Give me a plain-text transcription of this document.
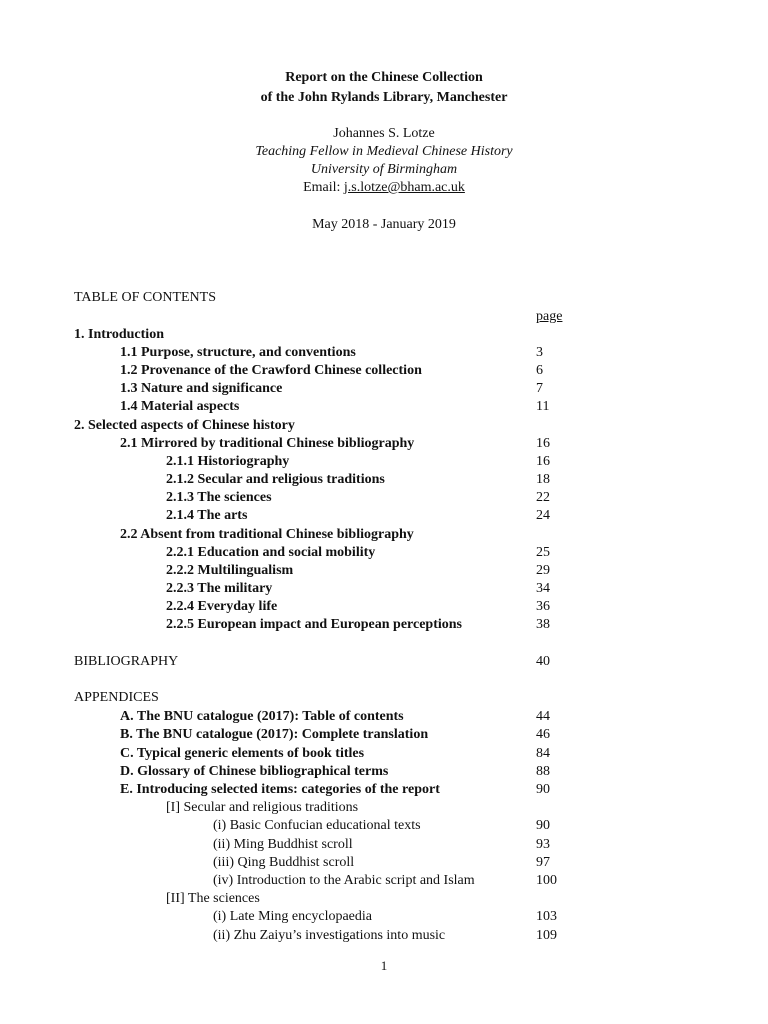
Report on the Chinese Collection
of the John Rylands Library, Manchester
Johannes S. Lotze
Teaching Fellow in Medieval Chinese History
University of Birmingham
Email: j.s.lotze@bham.ac.uk
May 2018 - January 2019
TABLE OF CONTENTS
page
1. Introduction
1.1 Purpose, structure, and conventions	3
1.2 Provenance of the Crawford Chinese collection	6
1.3 Nature and significance	7
1.4 Material aspects	11
2. Selected aspects of Chinese history
2.1 Mirrored by traditional Chinese bibliography	16
2.1.1 Historiography	16
2.1.2 Secular and religious traditions	18
2.1.3 The sciences	22
2.1.4 The arts	24
2.2 Absent from traditional Chinese bibliography
2.2.1 Education and social mobility	25
2.2.2 Multilingualism	29
2.2.3 The military	34
2.2.4 Everyday life	36
2.2.5 European impact and European perceptions	38
BIBLIOGRAPHY	40
APPENDICES
A. The BNU catalogue (2017): Table of contents	44
B. The BNU catalogue (2017): Complete translation	46
C. Typical generic elements of book titles	84
D. Glossary of Chinese bibliographical terms	88
E. Introducing selected items: categories of the report	90
[I] Secular and religious traditions
(i) Basic Confucian educational texts	90
(ii) Ming Buddhist scroll	93
(iii) Qing Buddhist scroll	97
(iv) Introduction to the Arabic script and Islam	100
[II] The sciences
(i) Late Ming encyclopaedia	103
(ii) Zhu Zaiyu’s investigations into music	109
1
